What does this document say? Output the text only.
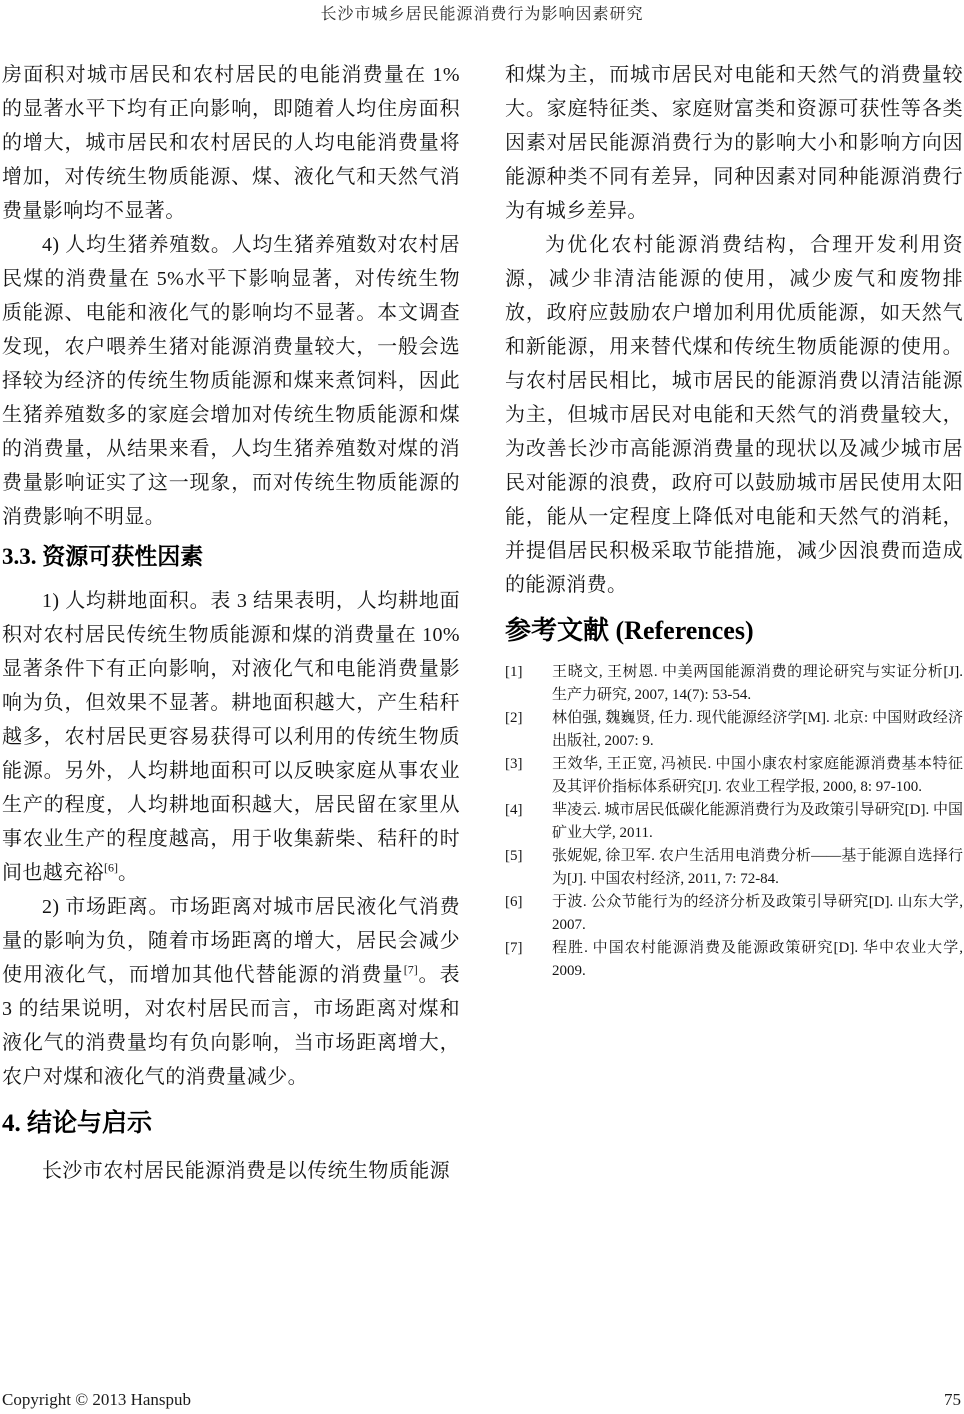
长沙市城乡居民能源消费行为影响因素研究

房面积对城市居民和农村居民的电能消费量在 1%的显著水平下均有正向影响，即随着人均住房面积的增大，城市居民和农村居民的人均电能消费量将增加，对传统生物质能源、煤、液化气和天然气消费量影响均不显著。

4) 人均生猪养殖数。人均生猪养殖数对农村居民煤的消费量在 5%水平下影响显著，对传统生物质能源、电能和液化气的影响均不显著。本文调查发现，农户喂养生猪对能源消费量较大，一般会选择较为经济的传统生物质能源和煤来煮饲料，因此生猪养殖数多的家庭会增加对传统生物质能源和煤的消费量，从结果来看，人均生猪养殖数对煤的消费量影响证实了这一现象，而对传统生物质能源的消费影响不明显。

3.3. 资源可获性因素

1) 人均耕地面积。表 3 结果表明，人均耕地面积对农村居民传统生物质能源和煤的消费量在 10%显著条件下有正向影响，对液化气和电能消费量影响为负，但效果不显著。耕地面积越大，产生秸秆越多，农村居民更容易获得可以利用的传统生物质能源。另外，人均耕地面积可以反映家庭从事农业生产的程度，人均耕地面积越大，居民留在家里从事农业生产的程度越高，用于收集薪柴、秸秆的时间也越充裕[6]。

2) 市场距离。市场距离对城市居民液化气消费量的影响为负，随着市场距离的增大，居民会减少使用液化气，而增加其他代替能源的消费量[7]。表 3 的结果说明，对农村居民而言，市场距离对煤和液化气的消费量均有负向影响，当市场距离增大，农户对煤和液化气的消费量减少。

4. 结论与启示

长沙市农村居民能源消费是以传统生物质能源

和煤为主，而城市居民对电能和天然气的消费量较大。家庭特征类、家庭财富类和资源可获性等各类因素对居民能源消费行为的影响大小和影响方向因能源种类不同有差异，同种因素对同种能源消费行为有城乡差异。

为优化农村能源消费结构，合理开发利用资源，减少非清洁能源的使用，减少废气和废物排放，政府应鼓励农户增加利用优质能源，如天然气和新能源，用来替代煤和传统生物质能源的使用。与农村居民相比，城市居民的能源消费以清洁能源为主，但城市居民对电能和天然气的消费量较大，为改善长沙市高能源消费量的现状以及减少城市居民对能源的浪费，政府可以鼓励城市居民使用太阳能，能从一定程度上降低对电能和天然气的消耗，并提倡居民积极采取节能措施，减少因浪费而造成的能源消费。

参考文献 (References)
[1]	王晓文, 王树恩. 中美两国能源消费的理论研究与实证分析[J]. 生产力研究, 2007, 14(7): 53-54.
[2]	林伯强, 魏巍贤, 任力. 现代能源经济学[M]. 北京: 中国财政经济出版社, 2007: 9.
[3]	王效华, 王正宽, 冯祯民. 中国小康农村家庭能源消费基本特征及其评价指标体系研究[J]. 农业工程学报, 2000, 8: 97-100.
[4]	芈凌云. 城市居民低碳化能源消费行为及政策引导研究[D]. 中国矿业大学, 2011.
[5]	张妮妮, 徐卫军. 农户生活用电消费分析——基于能源自选择行为[J]. 中国农村经济, 2011, 7: 72-84.
[6]	于波. 公众节能行为的经济分析及政策引导研究[D]. 山东大学, 2007.
[7]	程胜. 中国农村能源消费及能源政策研究[D]. 华中农业大学, 2009.
Copyright © 2013 Hanspub	75
